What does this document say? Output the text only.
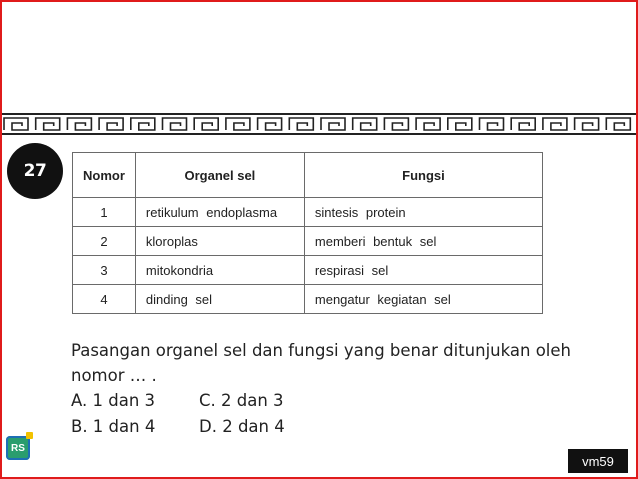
27	Nomor	Organel sel	Fungsi
1	retikulum endoplasma	sintesis protein
2	kloroplas	memberi bentuk sel
3	mitokondria	respirasi sel
4	dinding sel	mengatur kegiatan sel
Pasangan organel sel dan fungsi yang benar ditunjukan oleh
nomor … .
A. 1 dan 3	C. 2 dan 3
B. 1 dan 4	D. 2 dan 4
RS
vm59
